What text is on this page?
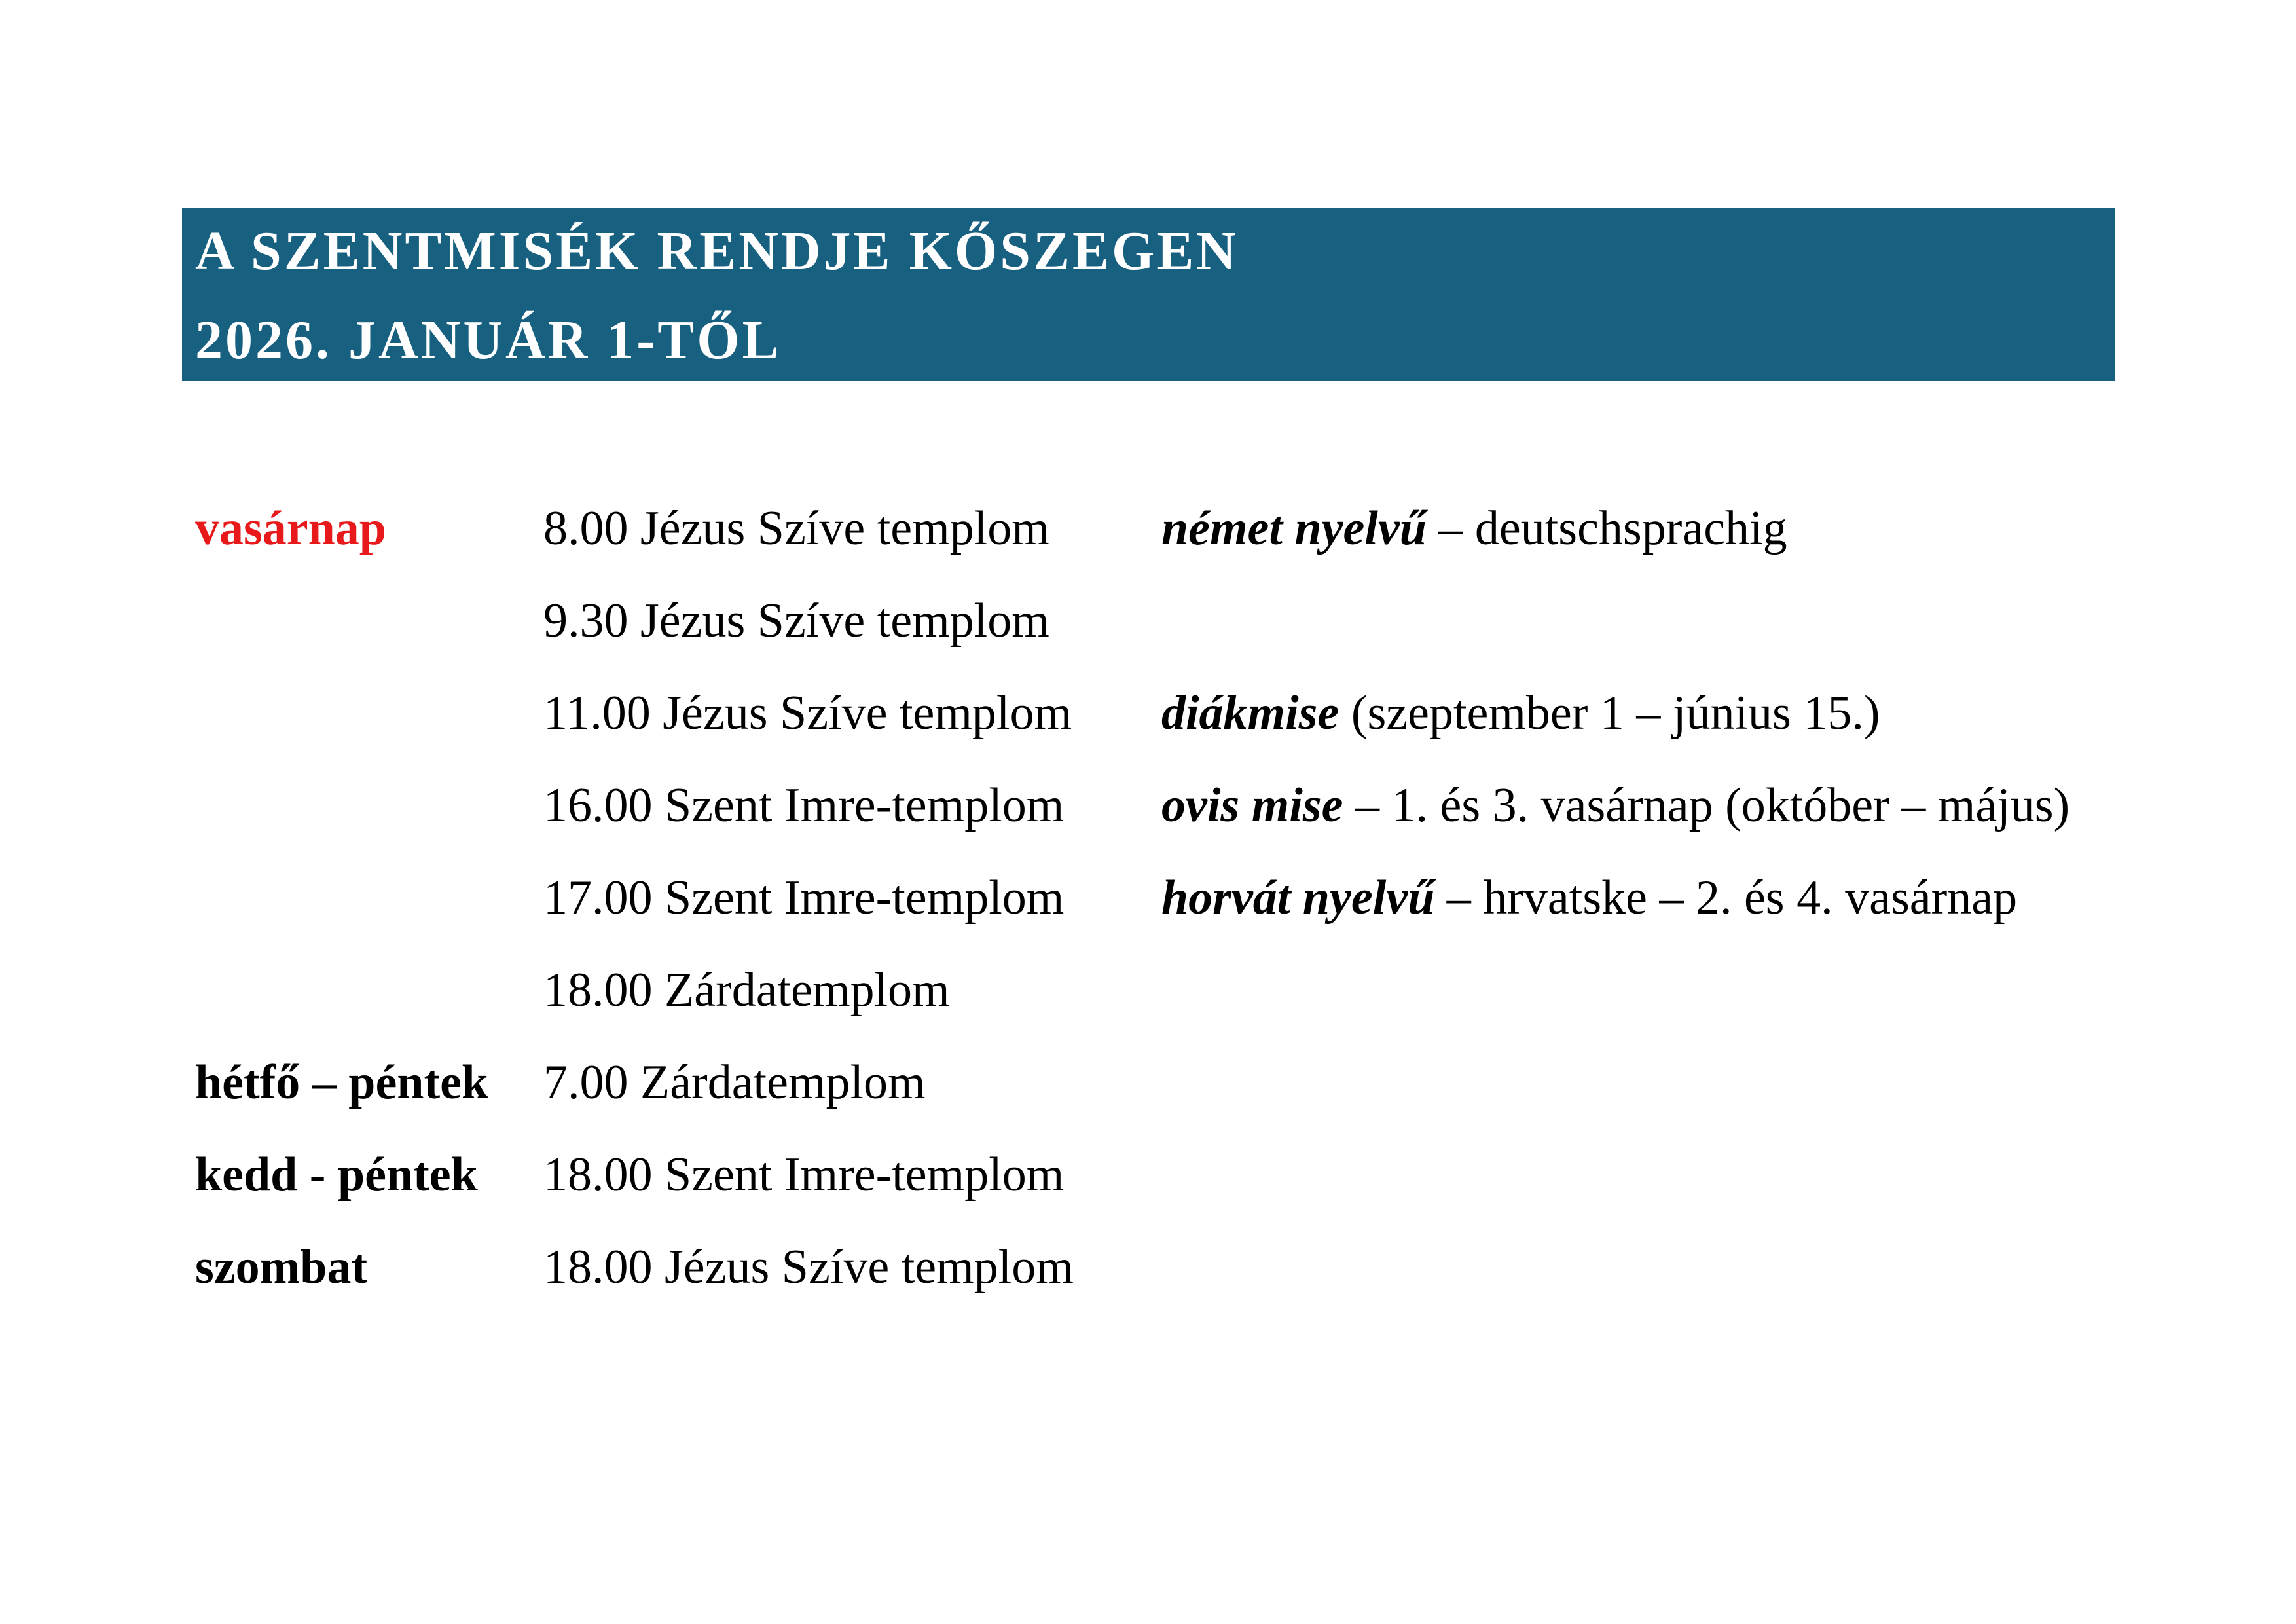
A SZENTMISÉK RENDJE KŐSZEGEN
2026. JANUÁR 1-TŐL
vasárnap	8.00 Jézus Szíve templom német nyelvű – deutschsprachig
9.30 Jézus Szíve templom
11.00 Jézus Szíve templom diákmise (szeptember 1 – június 15.)
16.00 Szent Imre-templom ovis mise – 1. és 3. vasárnap (október – május)
17.00 Szent Imre-templom horvát nyelvű – hrvatske – 2. és 4. vasárnap
18.00 Zárdatemplom
hétfő – péntek 7.00 Zárdatemplom
kedd - péntek 18.00 Szent Imre-templom
szombat	18.00 Jézus Szíve templom
